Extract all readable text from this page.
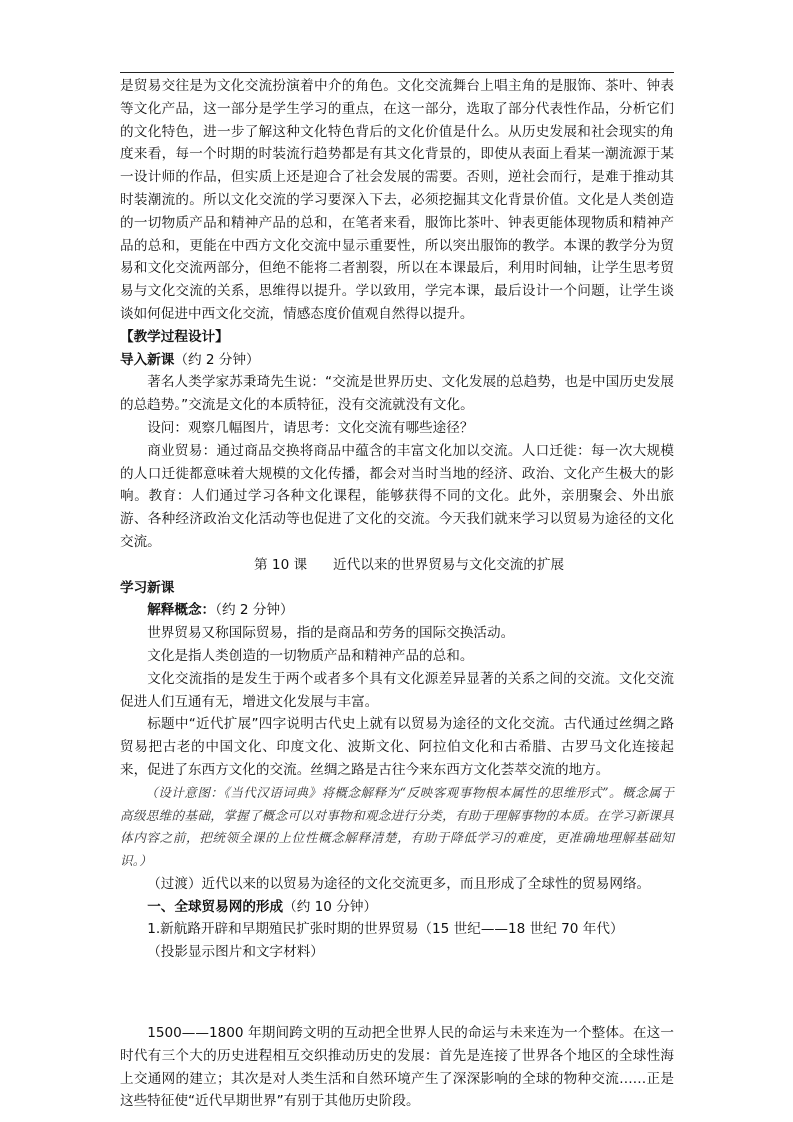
是贸易交往是为文化交流扮演着中介的角色。文化交流舞台上唱主角的是服饰、茶叶、钟表等文化产品，这一部分是学生学习的重点，在这一部分，选取了部分代表性作品，分析它们的文化特色，进一步了解这种文化特色背后的文化价值是什么。从历史发展和社会现实的角度来看，每一个时期的时装流行趋势都是有其文化背景的，即使从表面上看某一潮流源于某一设计师的作品，但实质上还是迎合了社会发展的需要。否则，逆社会而行，是难于推动其时装潮流的。所以文化交流的学习要深入下去，必须挖掘其文化背景价值。文化是人类创造的一切物质产品和精神产品的总和，在笔者来看，服饰比茶叶、钟表更能体现物质和精神产品的总和，更能在中西方文化交流中显示重要性，所以突出服饰的教学。本课的教学分为贸易和文化交流两部分，但绝不能将二者割裂，所以在本课最后，利用时间轴，让学生思考贸易与文化交流的关系，思维得以提升。学以致用，学完本课，最后设计一个问题，让学生谈谈如何促进中西文化交流，情感态度价值观自然得以提升。

【教学过程设计】

导入新课（约 2 分钟）

著名人类学家苏秉琦先生说：“交流是世界历史、文化发展的总趋势，也是中国历史发展的总趋势。”交流是文化的本质特征，没有交流就没有文化。

设问：观察几幅图片，请思考：文化交流有哪些途径？

商业贸易：通过商品交换将商品中蕴含的丰富文化加以交流。人口迁徙：每一次大规模的人口迁徙都意味着大规模的文化传播，都会对当时当地的经济、政治、文化产生极大的影响。教育：人们通过学习各种文化课程，能够获得不同的文化。此外，亲朋聚会、外出旅游、各种经济政治文化活动等也促进了文化的交流。今天我们就来学习以贸易为途径的文化交流。

第 10 课      近代以来的世界贸易与文化交流的扩展

学习新课

解释概念：（约 2 分钟）

世界贸易又称国际贸易，指的是商品和劳务的国际交换活动。

文化是指人类创造的一切物质产品和精神产品的总和。

文化交流指的是发生于两个或者多个具有文化源差异显著的关系之间的交流。文化交流促进人们互通有无，增进文化发展与丰富。

标题中“近代扩展”四字说明古代史上就有以贸易为途径的文化交流。古代通过丝绸之路贸易把古老的中国文化、印度文化、波斯文化、阿拉伯文化和古希腊、古罗马文化连接起来，促进了东西方文化的交流。丝绸之路是古往今来东西方文化荟萃交流的地方。

（设计意图：《当代汉语词典》将概念解释为“反映客观事物根本属性的思维形式”。概念属于高级思维的基础，掌握了概念可以对事物和观念进行分类，有助于理解事物的本质。在学习新课具体内容之前，把统领全课的上位性概念解释清楚，有助于降低学习的难度，更准确地理解基础知识。）

（过渡）近代以来的以贸易为途径的文化交流更多，而且形成了全球性的贸易网络。

一、全球贸易网的形成（约 10 分钟）

1.新航路开辟和早期殖民扩张时期的世界贸易（15 世纪——18 世纪 70 年代）

（投影显示图片和文字材料）

1500——1800 年期间跨文明的互动把全世界人民的命运与未来连为一个整体。在这一时代有三个大的历史进程相互交织推动历史的发展：首先是连接了世界各个地区的全球性海上交通网的建立；其次是对人类生活和自然环境产生了深深影响的全球的物种交流……正是这些特征使“近代早期世界”有别于其他历史阶段。
